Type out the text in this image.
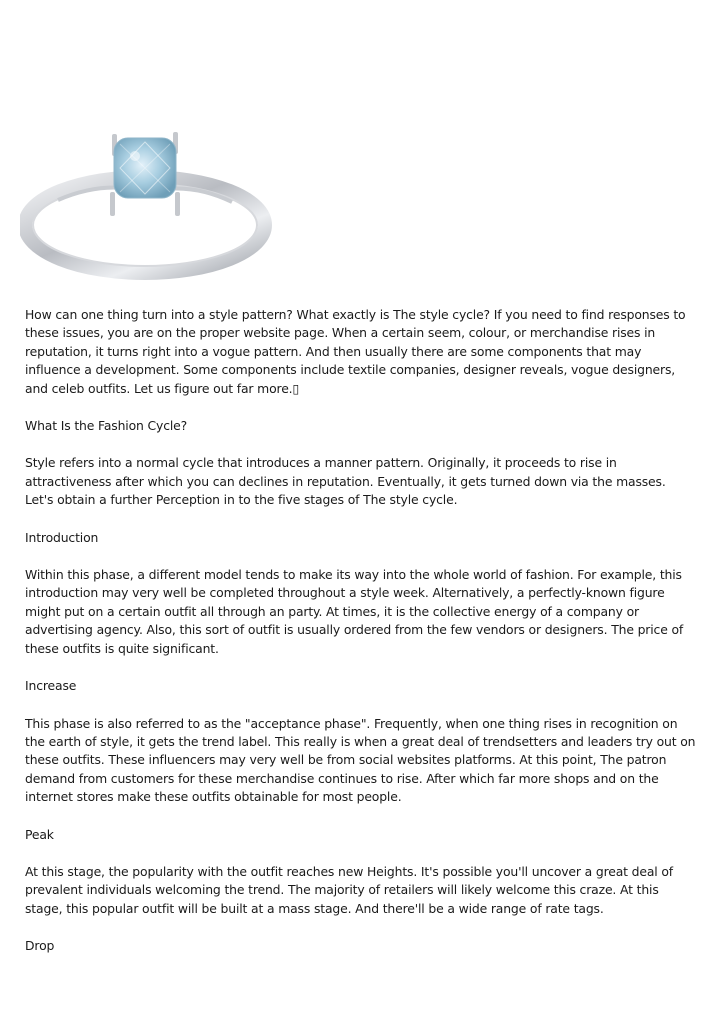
How can one thing turn into a style pattern? What exactly is The style cycle? If you need to find responses to these issues, you are on the proper website page. When a certain seem, colour, or merchandise rises in reputation, it turns right into a vogue pattern. And then usually there are some components that may influence a development. Some components include textile companies, designer reveals, vogue designers, and celeb outfits. Let us figure out far more.▯

What Is the Fashion Cycle?

Style refers into a normal cycle that introduces a manner pattern. Originally, it proceeds to rise in attractiveness after which you can declines in reputation. Eventually, it gets turned down via the masses. Let's obtain a further Perception in to the five stages of The style cycle.

Introduction

Within this phase, a different model tends to make its way into the whole world of fashion. For example, this introduction may very well be completed throughout a style week. Alternatively, a perfectly-known figure might put on a certain outfit all through an party. At times, it is the collective energy of a company or advertising agency. Also, this sort of outfit is usually ordered from the few vendors or designers. The price of these outfits is quite significant.

Increase

This phase is also referred to as the "acceptance phase". Frequently, when one thing rises in recognition on the earth of style, it gets the trend label. This really is when a great deal of trendsetters and leaders try out on these outfits. These influencers may very well be from social websites platforms. At this point, The patron demand from customers for these merchandise continues to rise. After which far more shops and on the internet stores make these outfits obtainable for most people.

Peak

At this stage, the popularity with the outfit reaches new Heights. It's possible you'll uncover a great deal of prevalent individuals welcoming the trend. The majority of retailers will likely welcome this craze. At this stage, this popular outfit will be built at a mass stage. And there'll be a wide range of rate tags.

Drop
